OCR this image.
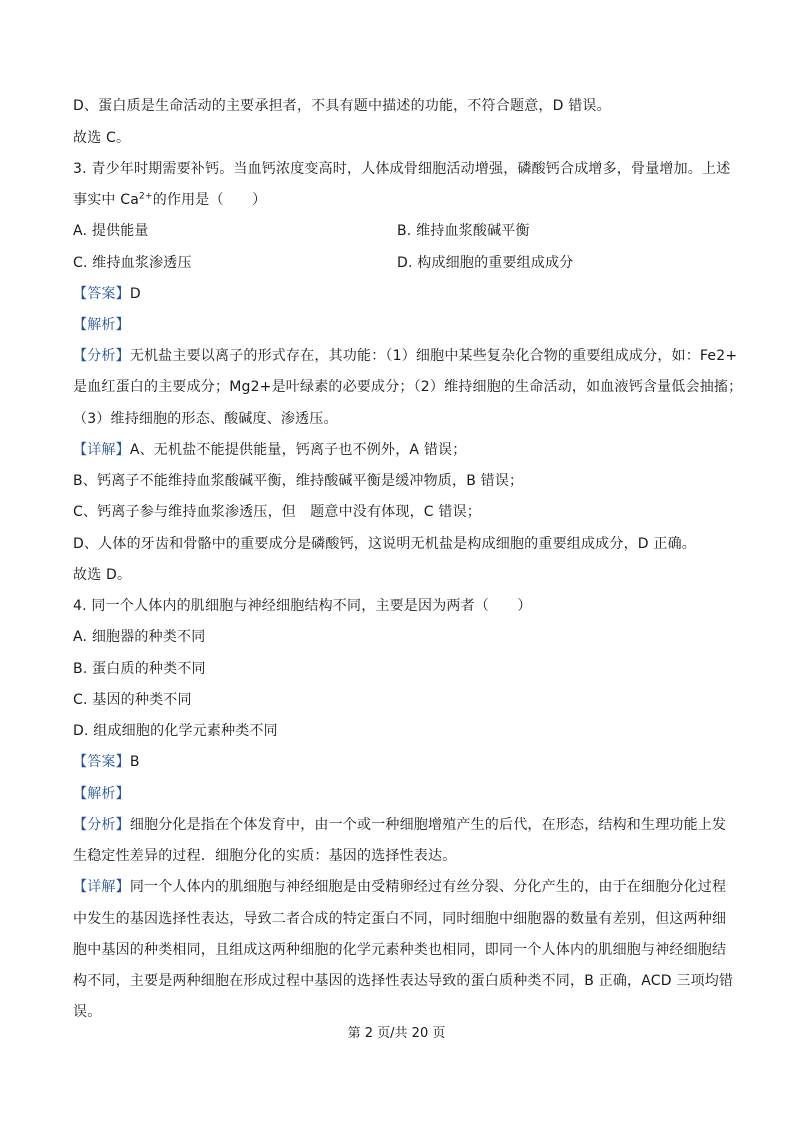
D、蛋白质是生命活动的主要承担者，不具有题中描述的功能，不符合题意，D 错误。
故选 C。
3. 青少年时期需要补钙。当血钙浓度变高时，人体成骨细胞活动增强，磷酸钙合成增多，骨量增加。上述
事实中 $Ca^{2+}$的作用是（　　）
A. 提供能量	B. 维持血浆酸碱平衡
C. 维持血浆渗透压	D. 构成细胞的重要组成成分
【答案】D
【解析】
【分析】无机盐主要以离子的形式存在，其功能：（1）细胞中某些复杂化合物的重要组成成分，如：Fe2+
是血红蛋白的主要成分；Mg2+是叶绿素的必要成分；（2）维持细胞的生命活动，如血液钙含量低会抽搐；
（3）维持细胞的形态、酸碱度、渗透压。
【详解】A、无机盐不能提供能量，钙离子也不例外，A 错误；
B、钙离子不能维持血浆酸碱平衡，维持酸碱平衡是缓冲物质，B 错误；
C、钙离子参与维持血浆渗透压，但　题意中没有体现，C 错误；
D、人体的牙齿和骨骼中的重要成分是磷酸钙，这说明无机盐是构成细胞的重要组成成分，D 正确。
故选 D。
4. 同一个人体内的肌细胞与神经细胞结构不同，主要是因为两者（　　）
A. 细胞器的种类不同
B. 蛋白质的种类不同
C. 基因的种类不同
D. 组成细胞的化学元素种类不同
【答案】B
【解析】
【分析】细胞分化是指在个体发育中，由一个或一种细胞增殖产生的后代，在形态，结构和生理功能上发
生稳定性差异的过程．细胞分化的实质：基因的选择性表达。
【详解】同一个人体内的肌细胞与神经细胞是由受精卵经过有丝分裂、分化产生的，由于在细胞分化过程
中发生的基因选择性表达，导致二者合成的特定蛋白不同，同时细胞中细胞器的数量有差别，但这两种细
胞中基因的种类相同，且组成这两种细胞的化学元素种类也相同，即同一个人体内的肌细胞与神经细胞结
构不同，主要是两种细胞在形成过程中基因的选择性表达导致的蛋白质种类不同，B 正确，ACD 三项均错
误。
第 2 页/共 20 页
